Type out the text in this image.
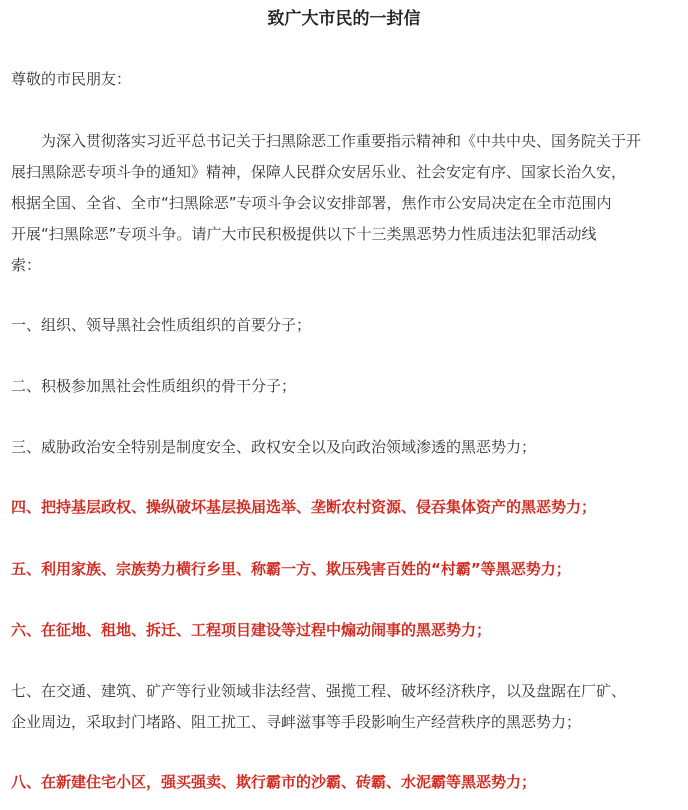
致广大市民的一封信
尊敬的市民朋友：
　　为深入贯彻落实习近平总书记关于扫黑除恶工作重要指示精神和《中共中央、国务院关于开
展扫黑除恶专项斗争的通知》精神，保障人民群众安居乐业、社会安定有序、国家长治久安，
根据全国、全省、全市“扫黑除恶”专项斗争会议安排部署，焦作市公安局决定在全市范围内
开展“扫黑除恶”专项斗争。请广大市民积极提供以下十三类黑恶势力性质违法犯罪活动线
索：
一、组织、领导黑社会性质组织的首要分子；
二、积极参加黑社会性质组织的骨干分子；
三、威胁政治安全特别是制度安全、政权安全以及向政治领域渗透的黑恶势力；
四、把持基层政权、操纵破坏基层换届选举、垄断农村资源、侵吞集体资产的黑恶势力；
五、利用家族、宗族势力横行乡里、称霸一方、欺压残害百姓的“村霸”等黑恶势力；
六、在征地、租地、拆迁、工程项目建设等过程中煽动闹事的黑恶势力；
七、在交通、建筑、矿产等行业领域非法经营、强揽工程、破坏经济秩序，以及盘踞在厂矿、
企业周边，采取封门堵路、阻工扰工、寻衅滋事等手段影响生产经营秩序的黑恶势力；
八、在新建住宅小区，强买强卖、欺行霸市的沙霸、砖霸、水泥霸等黑恶势力；
